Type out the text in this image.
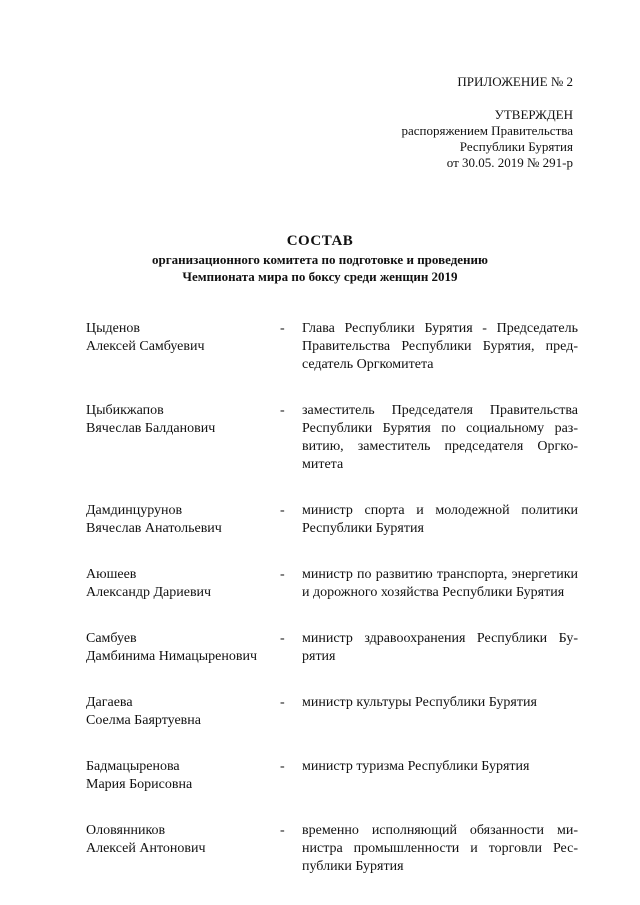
ПРИЛОЖЕНИЕ № 2
УТВЕРЖДЕН
распоряжением Правительства
Республики Бурятия
от 30.05. 2019 № 291-р
СОСТАВ
организационного комитета по подготовке и проведению
Чемпионата мира по боксу среди женщин 2019
Цыденов
Алексей Самбуевич
-	Глава Республики Бурятия - Председатель Правительства Республики Бурятия, председатель Оргкомитета
Цыбикжапов
Вячеслав Балданович
-	заместитель Председателя Правительства Республики Бурятия по социальному развитию, заместитель председателя Оргкомитета
Дамдинцурунов
Вячеслав Анатольевич
-	министр спорта и молодежной политики Республики Бурятия
Аюшеев
Александр Дариевич
-	министр по развитию транспорта, энергетики и дорожного хозяйства Республики Бурятия
Самбуев
Дамбинима Нимацыренович
-	министр здравоохранения Республики Бурятия
Дагаева
Соелма Баяртуевна
-	министр культуры Республики Бурятия
Бадмацыренова
Мария Борисовна
-	министр туризма Республики Бурятия
Оловянников
Алексей Антонович
-	временно исполняющий обязанности министра промышленности и торговли Республики Бурятия
